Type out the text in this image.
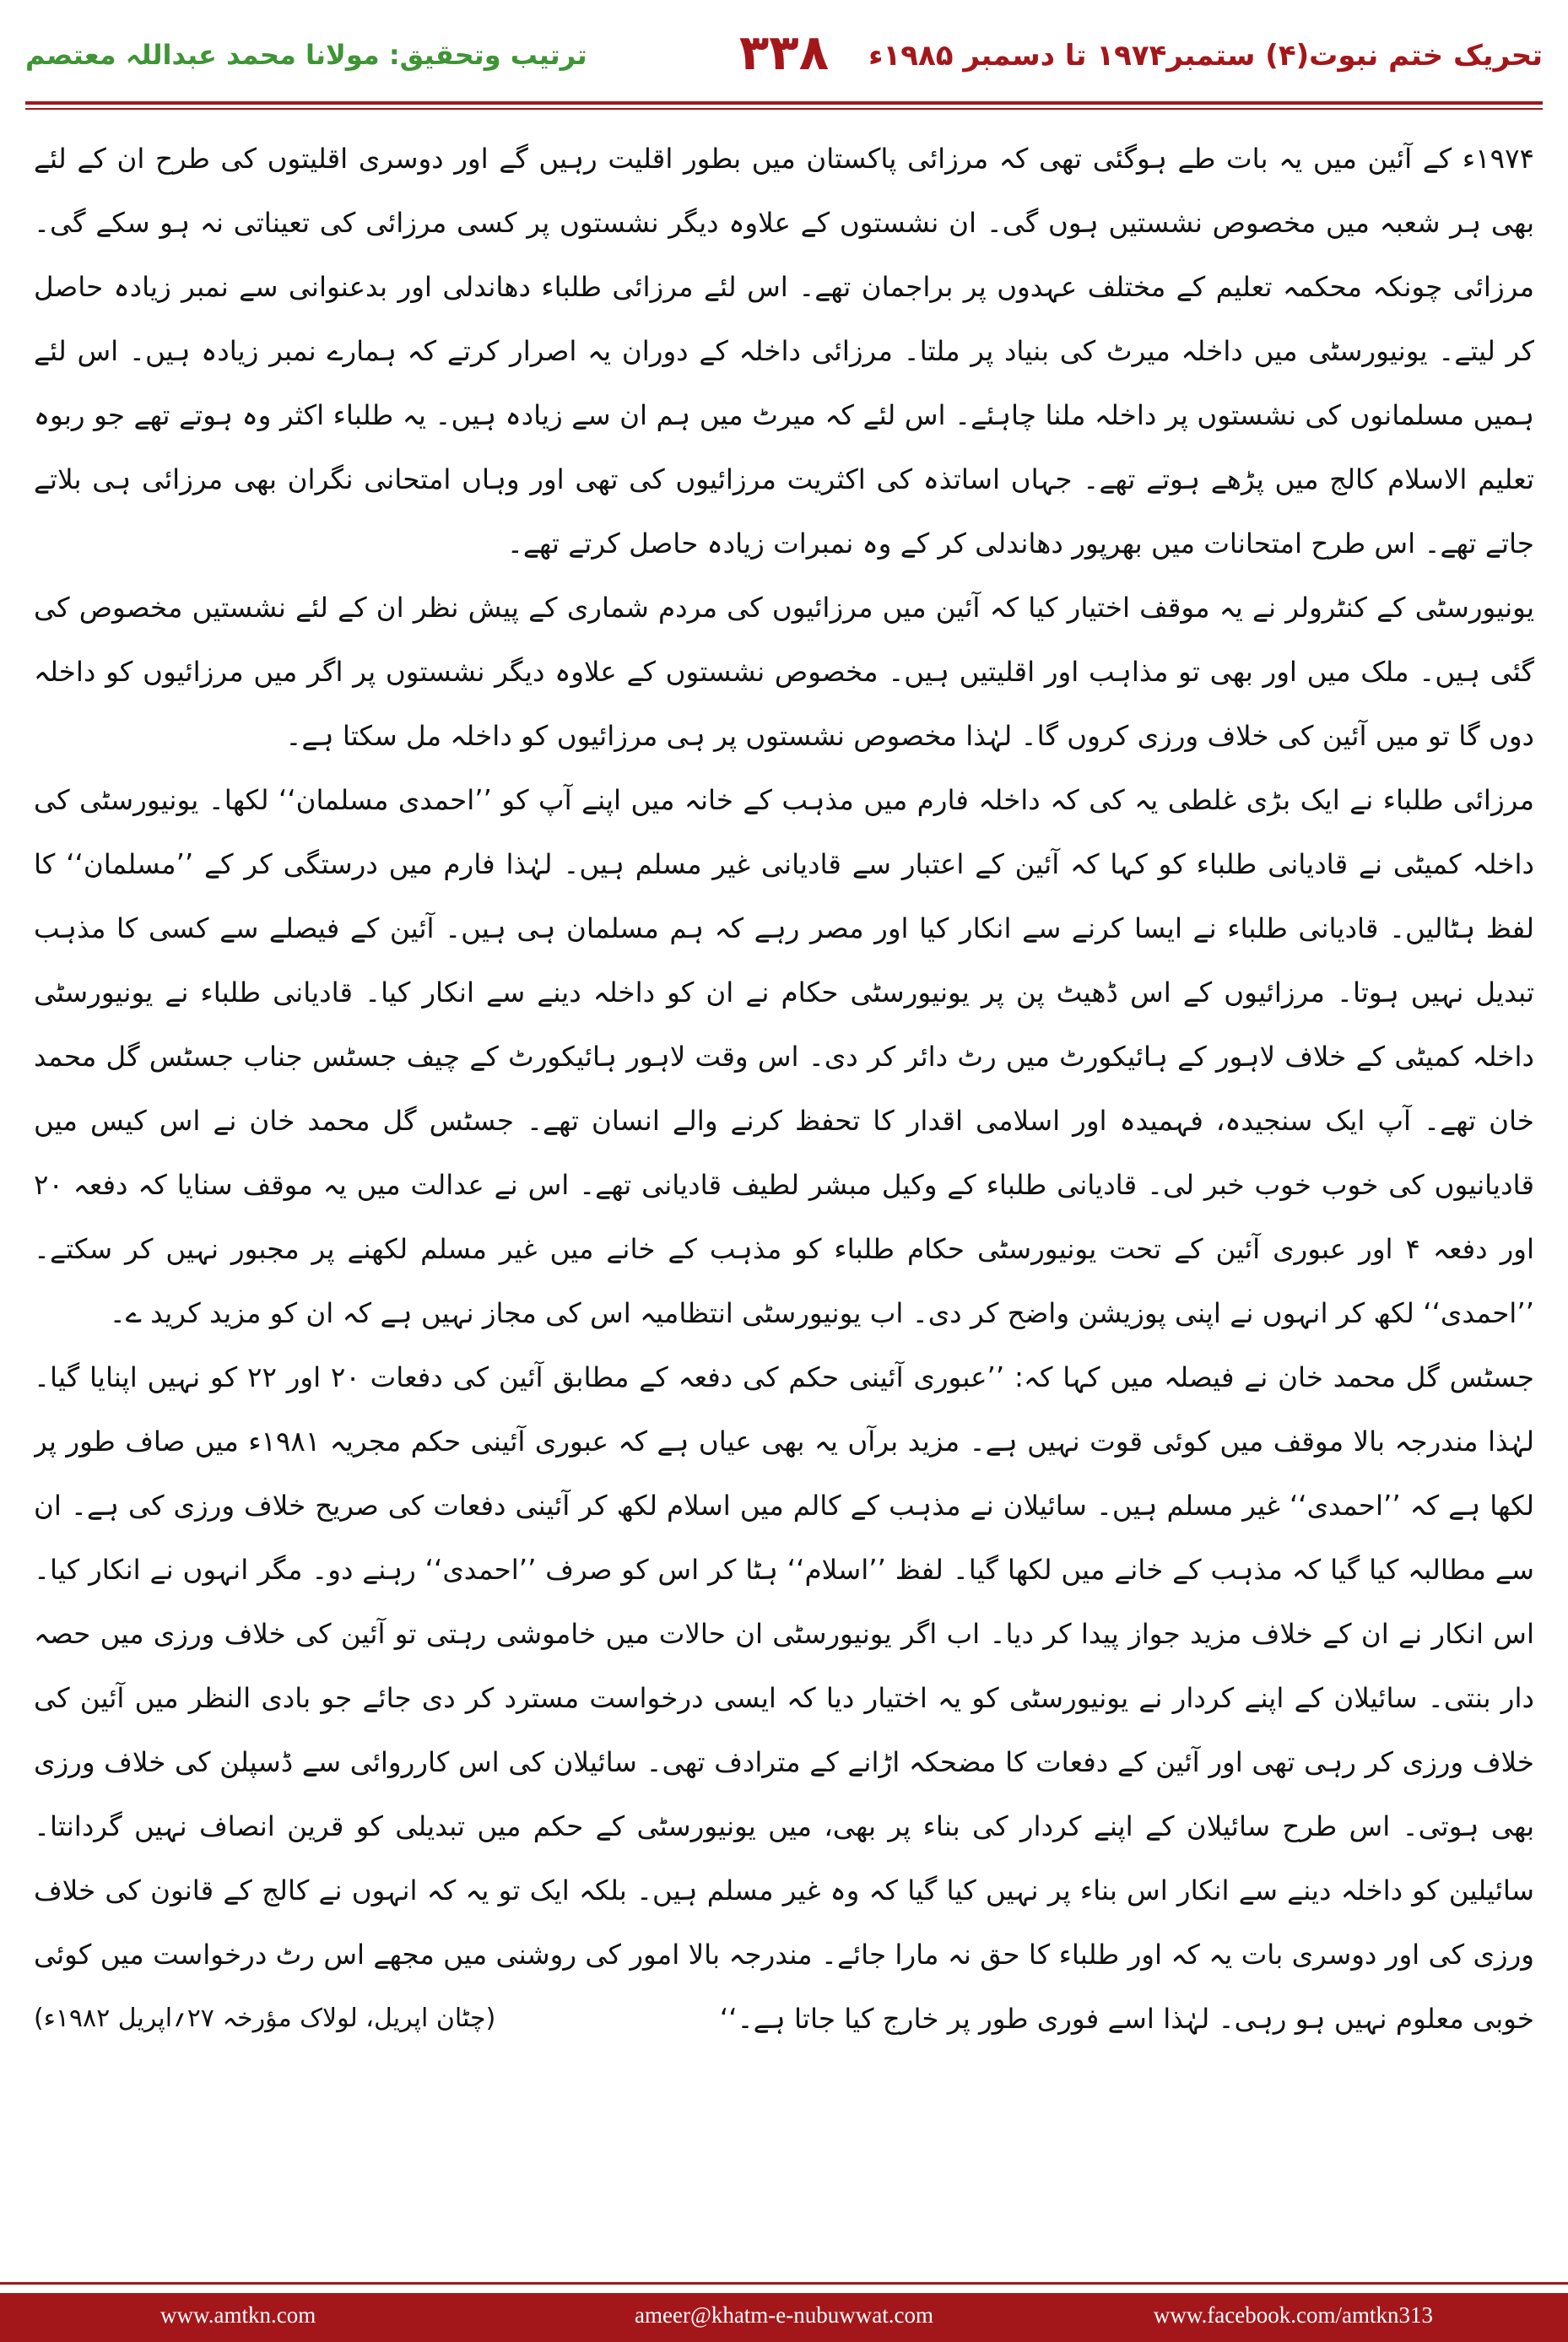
تحریک ختم نبوت(۴) ستمبر۱۹۷۴ تا دسمبر ۱۹۸۵ء
۳۳۸
ترتیب وتحقیق: مولانا محمد عبداللہ معتصم

۱۹۷۴ء کے آئین میں یہ بات طے ہوگئی تھی کہ مرزائی پاکستان میں بطور اقلیت رہیں گے اور دوسری اقلیتوں کی طرح ان کے لئے بھی ہر شعبہ میں مخصوص نشستیں ہوں گی۔ ان نشستوں کے علاوہ دیگر نشستوں پر کسی مرزائی کی تعیناتی نہ ہو سکے گی۔ مرزائی چونکہ محکمہ تعلیم کے مختلف عہدوں پر براجمان تھے۔ اس لئے مرزائی طلباء دھاندلی اور بدعنوانی سے نمبر زیادہ حاصل کر لیتے۔ یونیورسٹی میں داخلہ میرٹ کی بنیاد پر ملتا۔ مرزائی داخلہ کے دوران یہ اصرار کرتے کہ ہمارے نمبر زیادہ ہیں۔ اس لئے ہمیں مسلمانوں کی نشستوں پر داخلہ ملنا چاہئے۔ اس لئے کہ میرٹ میں ہم ان سے زیادہ ہیں۔ یہ طلباء اکثر وہ ہوتے تھے جو ربوہ تعلیم الاسلام کالج میں پڑھے ہوتے تھے۔ جہاں اساتذہ کی اکثریت مرزائیوں کی تھی اور وہاں امتحانی نگران بھی مرزائی ہی بلاتے جاتے تھے۔ اس طرح امتحانات میں بھرپور دھاندلی کر کے وہ نمبرات زیادہ حاصل کرتے تھے۔

یونیورسٹی کے کنٹرولر نے یہ موقف اختیار کیا کہ آئین میں مرزائیوں کی مردم شماری کے پیش نظر ان کے لئے نشستیں مخصوص کی گئی ہیں۔ ملک میں اور بھی تو مذاہب اور اقلیتیں ہیں۔ مخصوص نشستوں کے علاوہ دیگر نشستوں پر اگر میں مرزائیوں کو داخلہ دوں گا تو میں آئین کی خلاف ورزی کروں گا۔ لہٰذا مخصوص نشستوں پر ہی مرزائیوں کو داخلہ مل سکتا ہے۔

مرزائی طلباء نے ایک بڑی غلطی یہ کی کہ داخلہ فارم میں مذہب کے خانہ میں اپنے آپ کو ’’احمدی مسلمان‘‘ لکھا۔ یونیورسٹی کی داخلہ کمیٹی نے قادیانی طلباء کو کہا کہ آئین کے اعتبار سے قادیانی غیر مسلم ہیں۔ لہٰذا فارم میں درستگی کر کے ’’مسلمان‘‘ کا لفظ ہٹالیں۔ قادیانی طلباء نے ایسا کرنے سے انکار کیا اور مصر رہے کہ ہم مسلمان ہی ہیں۔ آئین کے فیصلے سے کسی کا مذہب تبدیل نہیں ہوتا۔ مرزائیوں کے اس ڈھیٹ پن پر یونیورسٹی حکام نے ان کو داخلہ دینے سے انکار کیا۔ قادیانی طلباء نے یونیورسٹی داخلہ کمیٹی کے خلاف لاہور کے ہائیکورٹ میں رٹ دائر کر دی۔ اس وقت لاہور ہائیکورٹ کے چیف جسٹس جناب جسٹس گل محمد خان تھے۔ آپ ایک سنجیدہ، فہمیدہ اور اسلامی اقدار کا تحفظ کرنے والے انسان تھے۔ جسٹس گل محمد خان نے اس کیس میں قادیانیوں کی خوب خوب خبر لی۔ قادیانی طلباء کے وکیل مبشر لطیف قادیانی تھے۔ اس نے عدالت میں یہ موقف سنایا کہ دفعہ ۲۰ اور دفعہ ۴ اور عبوری آئین کے تحت یونیورسٹی حکام طلباء کو مذہب کے خانے میں غیر مسلم لکھنے پر مجبور نہیں کر سکتے۔ ’’احمدی‘‘ لکھ کر انہوں نے اپنی پوزیشن واضح کر دی۔ اب یونیورسٹی انتظامیہ اس کی مجاز نہیں ہے کہ ان کو مزید کرید ے۔

جسٹس گل محمد خان نے فیصلہ میں کہا کہ: ’’عبوری آئینی حکم کی دفعہ کے مطابق آئین کی دفعات ۲۰ اور ۲۲ کو نہیں اپنایا گیا۔ لہٰذا مندرجہ بالا موقف میں کوئی قوت نہیں ہے۔ مزید برآں یہ بھی عیاں ہے کہ عبوری آئینی حکم مجریہ ۱۹۸۱ء میں صاف طور پر لکھا ہے کہ ’’احمدی‘‘ غیر مسلم ہیں۔ سائیلان نے مذہب کے کالم میں اسلام لکھ کر آئینی دفعات کی صریح خلاف ورزی کی ہے۔ ان سے مطالبہ کیا گیا کہ مذہب کے خانے میں لکھا گیا۔ لفظ ’’اسلام‘‘ ہٹا کر اس کو صرف ’’احمدی‘‘ رہنے دو۔ مگر انہوں نے انکار کیا۔ اس انکار نے ان کے خلاف مزید جواز پیدا کر دیا۔ اب اگر یونیورسٹی ان حالات میں خاموشی رہتی تو آئین کی خلاف ورزی میں حصہ دار بنتی۔ سائیلان کے اپنے کردار نے یونیورسٹی کو یہ اختیار دیا کہ ایسی درخواست مسترد کر دی جائے جو بادی النظر میں آئین کی خلاف ورزی کر رہی تھی اور آئین کے دفعات کا مضحکہ اڑانے کے مترادف تھی۔ سائیلان کی اس کارروائی سے ڈسپلن کی خلاف ورزی بھی ہوتی۔ اس طرح سائیلان کے اپنے کردار کی بناء پر بھی، میں یونیورسٹی کے حکم میں تبدیلی کو قرین انصاف نہیں گردانتا۔ سائیلین کو داخلہ دینے سے انکار اس بناء پر نہیں کیا گیا کہ وہ غیر مسلم ہیں۔ بلکہ ایک تو یہ کہ انہوں نے کالج کے قانون کی خلاف ورزی کی اور دوسری بات یہ کہ اور طلباء کا حق نہ مارا جائے۔ مندرجہ بالا امور کی روشنی میں مجھے اس رٹ درخواست میں کوئی خوبی معلوم نہیں ہو رہی۔ لہٰذا اسے فوری طور پر خارج کیا جاتا ہے۔‘‘
(چٹان اپریل، لولاک مؤرخہ ۲۷؍اپریل ۱۹۸۲ء)

www.amtkn.com	ameer@khatm-e-nubuwwat.com	www.facebook.com/amtkn313
